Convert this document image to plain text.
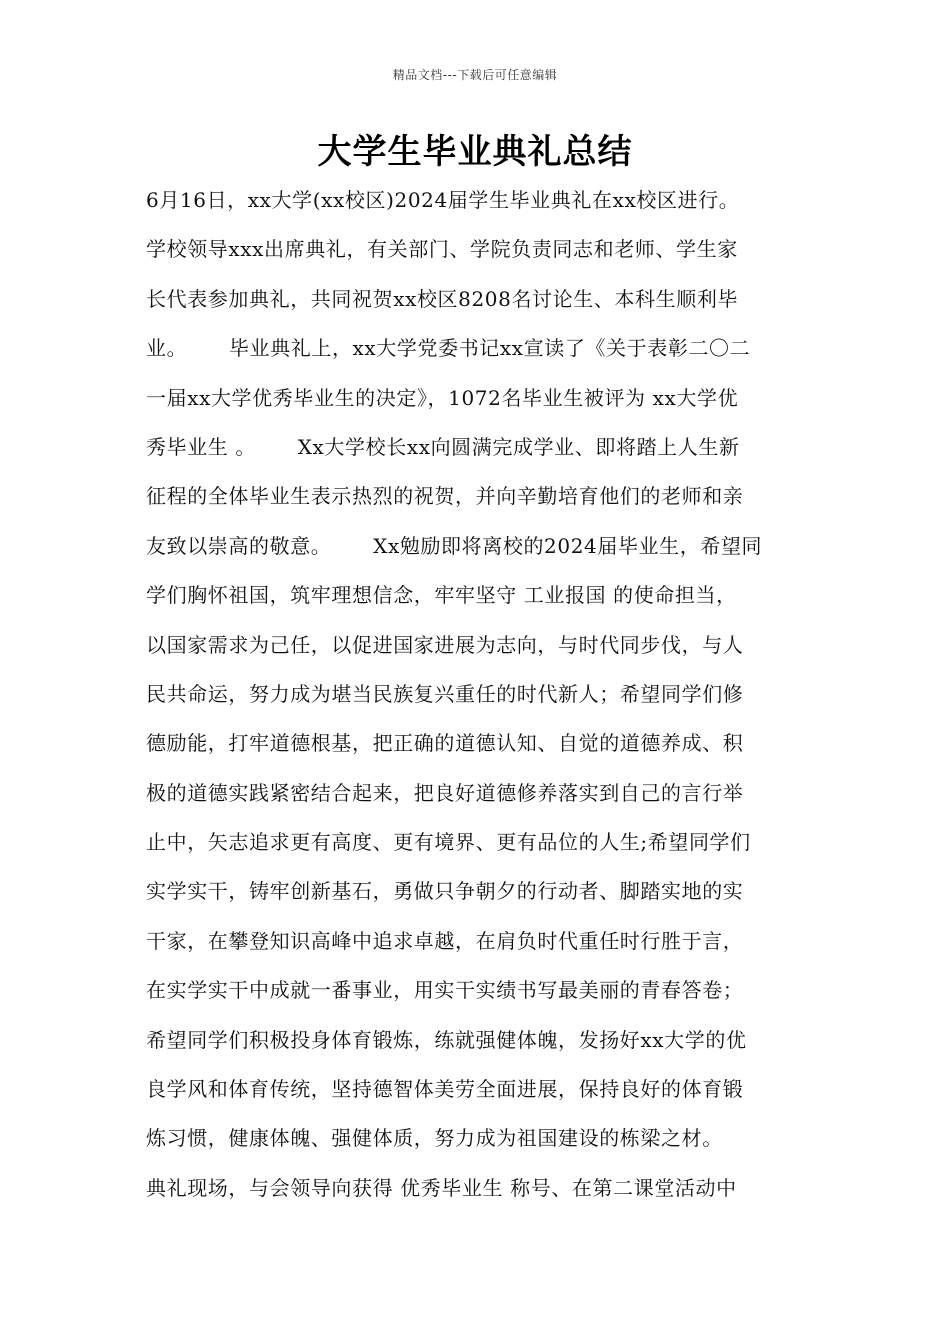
精品文档---下载后可任意编辑
大学生毕业典礼总结
6月16日，xx大学(xx校区)2024届学生毕业典礼在xx校区进行。
学校领导xxx出席典礼，有关部门、学院负责同志和老师、学生家
长代表参加典礼，共同祝贺xx校区8208名讨论生、本科生顺利毕
业。      毕业典礼上，xx大学党委书记xx宣读了《关于表彰二〇二
一届xx大学优秀毕业生的决定》，1072名毕业生被评为 xx大学优
秀毕业生 。      Xx大学校长xx向圆满完成学业、即将踏上人生新
征程的全体毕业生表示热烈的祝贺，并向辛勤培育他们的老师和亲
友致以崇高的敬意。      Xx勉励即将离校的2024届毕业生，希望同
学们胸怀祖国，筑牢理想信念，牢牢坚守 工业报国 的使命担当，
以国家需求为己任，以促进国家进展为志向，与时代同步伐，与人
民共命运，努力成为堪当民族复兴重任的时代新人；希望同学们修
德励能，打牢道德根基，把正确的道德认知、自觉的道德养成、积
极的道德实践紧密结合起来，把良好道德修养落实到自己的言行举
止中，矢志追求更有高度、更有境界、更有品位的人生;希望同学们
实学实干，铸牢创新基石，勇做只争朝夕的行动者、脚踏实地的实
干家，在攀登知识高峰中追求卓越，在肩负时代重任时行胜于言，
在实学实干中成就一番事业，用实干实绩书写最美丽的青春答卷；
希望同学们积极投身体育锻炼，练就强健体魄，发扬好xx大学的优
良学风和体育传统，坚持德智体美劳全面进展，保持良好的体育锻
炼习惯，健康体魄、强健体质，努力成为祖国建设的栋梁之材。
典礼现场，与会领导向获得 优秀毕业生 称号、在第二课堂活动中
